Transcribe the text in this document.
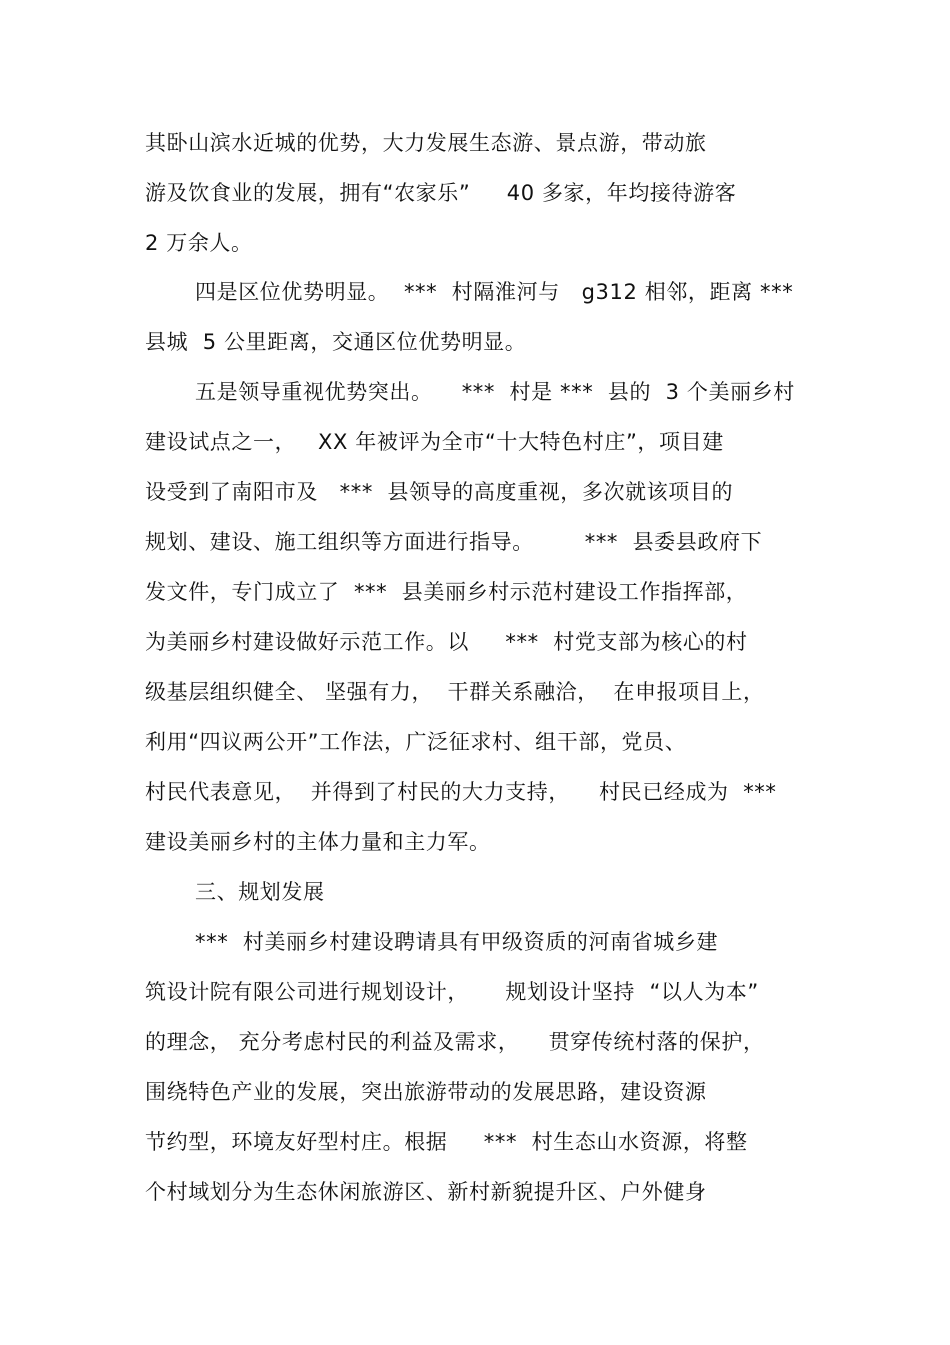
其卧山滨水近城的优势，大力发展生态游、景点游，带动旅
游及饮食业的发展，拥有“农家乐”     40 多家，年均接待游客
2 万余人。
四是区位优势明显。  ***  村隔淮河与   g312 相邻，距离 ***
县城  5 公里距离，交通区位优势明显。
五是领导重视优势突出。    ***  村是 ***  县的  3 个美丽乡村
建设试点之一，   XX 年被评为全市“十大特色村庄”，项目建
设受到了南阳市及   ***  县领导的高度重视，多次就该项目的
规划、建设、施工组织等方面进行指导。       ***  县委县政府下
发文件，专门成立了  ***  县美丽乡村示范村建设工作指挥部，
为美丽乡村建设做好示范工作。以     ***  村党支部为核心的村
级基层组织健全、 坚强有力，  干群关系融洽，  在申报项目上，
利用“四议两公开”工作法，广泛征求村、组干部，党员、
村民代表意见，  并得到了村民的大力支持，    村民已经成为  ***
建设美丽乡村的主体力量和主力军。
三、规划发展
***  村美丽乡村建设聘请具有甲级资质的河南省城乡建
筑设计院有限公司进行规划设计，     规划设计坚持  “以人为本”
的理念， 充分考虑村民的利益及需求，    贯穿传统村落的保护，
围绕特色产业的发展，突出旅游带动的发展思路，建设资源
节约型，环境友好型村庄。根据     ***  村生态山水资源，将整
个村域划分为生态休闲旅游区、新村新貌提升区、户外健身
